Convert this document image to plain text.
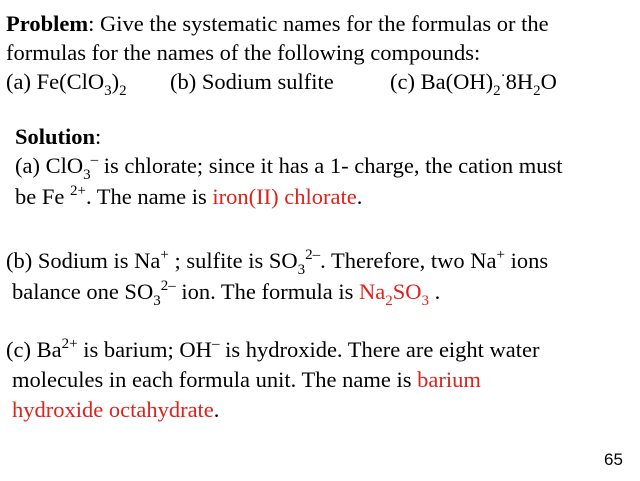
Problem: Give the systematic names for the formulas or the
formulas for the names of the following compounds:
(a) $Fe(ClO_3)_2$ (b) Sodium sulfite	(c) $Ba(OH)_2^\cdot 8H_2O$
Solution:
(a) ClO$_3$– is chlorate; since it has a 1- charge, the cation must
be Fe $^{2+}$. The name is iron(II) chlorate.
(b) Sodium is Na+ ; sulfite is $SO_3^{2-}$. Therefore, two Na+ ions
balance one $SO_3^{2-}$ ion. The formula is $Na_2SO_3$ .
(c) $Ba^{2+}$ is barium; OH– is hydroxide. There are eight water
molecules in each formula unit. The name is barium
hydroxide octahydrate.
65
